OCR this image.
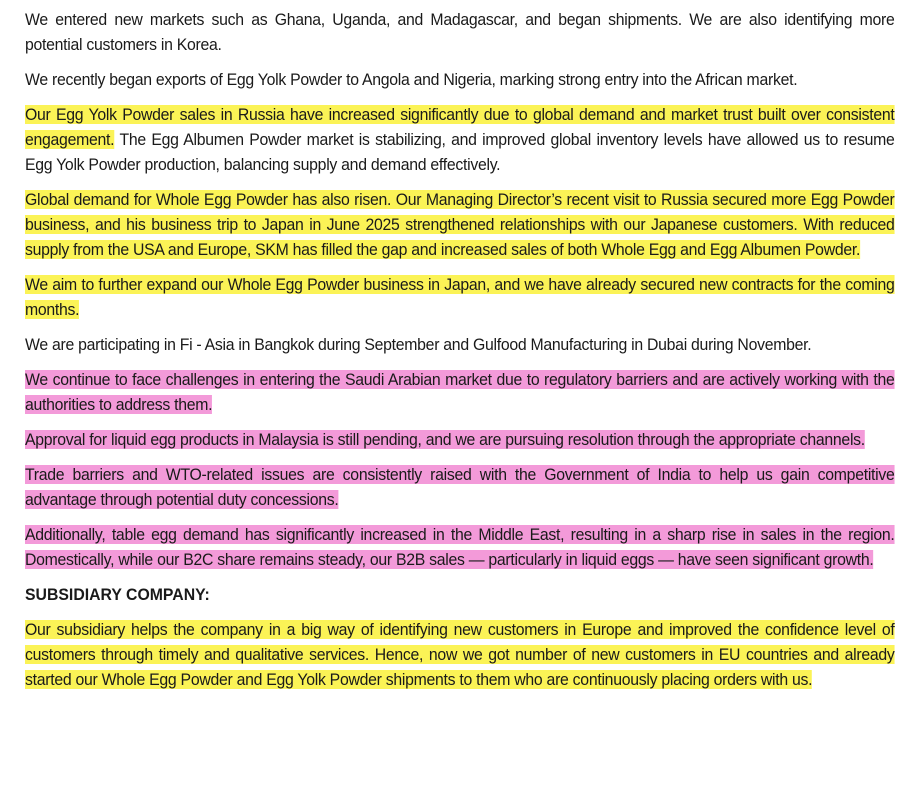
We entered new markets such as Ghana, Uganda, and Madagascar, and began shipments. We are also identifying more potential customers in Korea.

We recently began exports of Egg Yolk Powder to Angola and Nigeria, marking strong entry into the African market.

Our Egg Yolk Powder sales in Russia have increased significantly due to global demand and market trust built over consistent engagement. The Egg Albumen Powder market is stabilizing, and improved global inventory levels have allowed us to resume Egg Yolk Powder production, balancing supply and demand effectively.

Global demand for Whole Egg Powder has also risen. Our Managing Director’s recent visit to Russia secured more Egg Powder business, and his business trip to Japan in June 2025 strengthened relationships with our Japanese customers. With reduced supply from the USA and Europe, SKM has filled the gap and increased sales of both Whole Egg and Egg Albumen Powder.

We aim to further expand our Whole Egg Powder business in Japan, and we have already secured new contracts for the coming months.

We are participating in Fi - Asia in Bangkok during September and Gulfood Manufacturing in Dubai during November.

We continue to face challenges in entering the Saudi Arabian market due to regulatory barriers and are actively working with the authorities to address them.

Approval for liquid egg products in Malaysia is still pending, and we are pursuing resolution through the appropriate channels.

Trade barriers and WTO-related issues are consistently raised with the Government of India to help us gain competitive advantage through potential duty concessions.

Additionally, table egg demand has significantly increased in the Middle East, resulting in a sharp rise in sales in the region. Domestically, while our B2C share remains steady, our B2B sales — particularly in liquid eggs — have seen significant growth.

SUBSIDIARY COMPANY:

Our subsidiary helps the company in a big way of identifying new customers in Europe and improved the confidence level of customers through timely and qualitative services. Hence, now we got number of new customers in EU countries and already started our Whole Egg Powder and Egg Yolk Powder shipments to them who are continuously placing orders with us.
